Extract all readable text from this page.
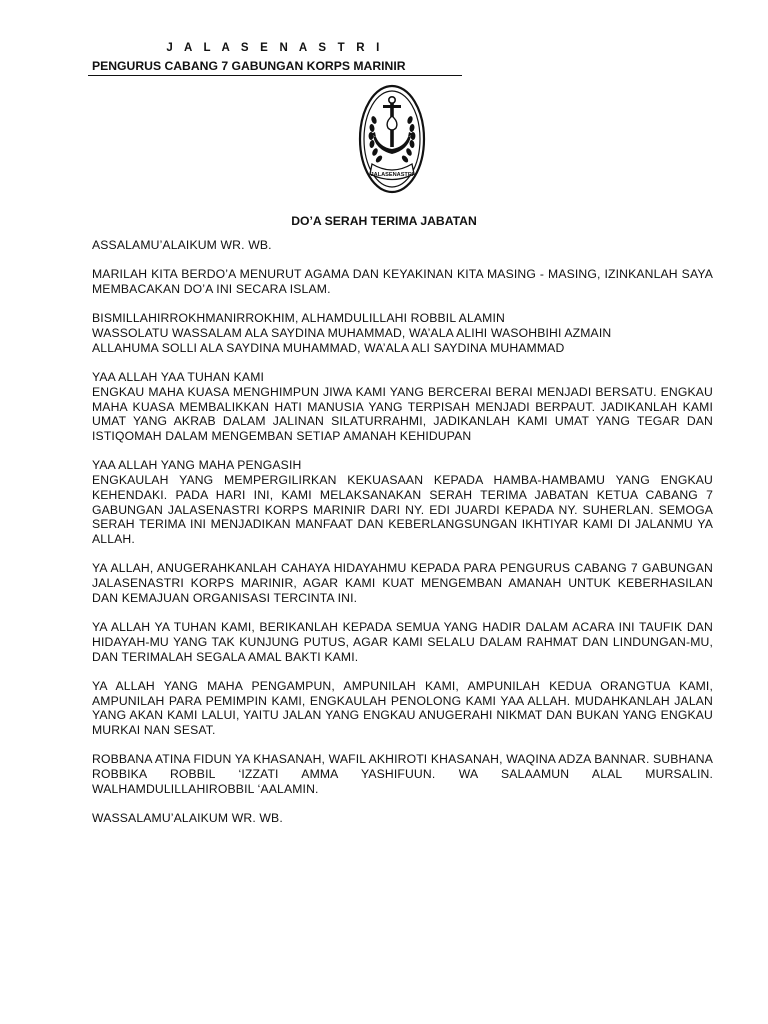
J A L A S E N A S T R I
PENGURUS CABANG 7 GABUNGAN KORPS MARINIR
JALASENASTRI
DO’A SERAH TERIMA JABATAN

ASSALAMU’ALAIKUM WR. WB.

MARILAH KITA BERDO’A MENURUT AGAMA DAN KEYAKINAN KITA MASING - MASING, IZINKANLAH SAYA MEMBACAKAN DO’A INI SECARA ISLAM.

BISMILLAHIRROKHMANIRROKHIM, ALHAMDULILLAHI ROBBIL ALAMIN
WASSOLATU WASSALAM ALA SAYDINA MUHAMMAD, WA’ALA ALIHI WASOHBIHI AZMAIN
ALLAHUMA SOLLI ALA SAYDINA MUHAMMAD, WA’ALA ALI SAYDINA MUHAMMAD

YAA ALLAH YAA TUHAN KAMI
ENGKAU MAHA KUASA MENGHIMPUN JIWA KAMI YANG BERCERAI BERAI MENJADI BERSATU. ENGKAU MAHA KUASA MEMBALIKKAN HATI MANUSIA YANG TERPISAH MENJADI BERPAUT. JADIKANLAH KAMI UMAT YANG AKRAB DALAM JALINAN SILATURRAHMI, JADIKANLAH KAMI UMAT YANG TEGAR DAN ISTIQOMAH DALAM MENGEMBAN SETIAP AMANAH KEHIDUPAN
YAA ALLAH YANG MAHA PENGASIH
ENGKAULAH YANG MEMPERGILIRKAN KEKUASAAN KEPADA HAMBA-HAMBAMU YANG ENGKAU KEHENDAKI. PADA HARI INI, KAMI MELAKSANAKAN SERAH TERIMA JABATAN KETUA CABANG 7 GABUNGAN JALASENASTRI KORPS MARINIR DARI NY. EDI JUARDI KEPADA NY. SUHERLAN. SEMOGA SERAH TERIMA INI MENJADIKAN MANFAAT DAN KEBERLANGSUNGAN IKHTIYAR KAMI DI JALANMU YA ALLAH.

YA ALLAH, ANUGERAHKANLAH CAHAYA HIDAYAHMU KEPADA PARA PENGURUS CABANG 7 GABUNGAN JALASENASTRI KORPS MARINIR, AGAR KAMI KUAT MENGEMBAN AMANAH UNTUK KEBERHASILAN DAN KEMAJUAN ORGANISASI TERCINTA INI.

YA ALLAH YA TUHAN KAMI, BERIKANLAH KEPADA SEMUA YANG HADIR DALAM ACARA INI TAUFIK DAN HIDAYAH-MU YANG TAK KUNJUNG PUTUS, AGAR KAMI SELALU DALAM RAHMAT DAN LINDUNGAN-MU, DAN TERIMALAH SEGALA AMAL BAKTI KAMI.

YA ALLAH YANG MAHA PENGAMPUN, AMPUNILAH KAMI, AMPUNILAH KEDUA ORANGTUA KAMI, AMPUNILAH PARA PEMIMPIN KAMI, ENGKAULAH PENOLONG KAMI YAA ALLAH. MUDAHKANLAH JALAN YANG AKAN KAMI LALUI, YAITU JALAN YANG ENGKAU ANUGERAHI NIKMAT DAN BUKAN YANG ENGKAU MURKAI NAN SESAT.

ROBBANA ATINA FIDUN YA KHASANAH, WAFIL AKHIROTI KHASANAH, WAQINA ADZA BANNAR. SUBHANA ROBBIKA ROBBIL ‘IZZATI AMMA YASHIFUUN. WA SALAAMUN ALAL MURSALIN. WALHAMDULILLAHIROBBIL ‘AALAMIN.

WASSALAMU’ALAIKUM WR. WB.
